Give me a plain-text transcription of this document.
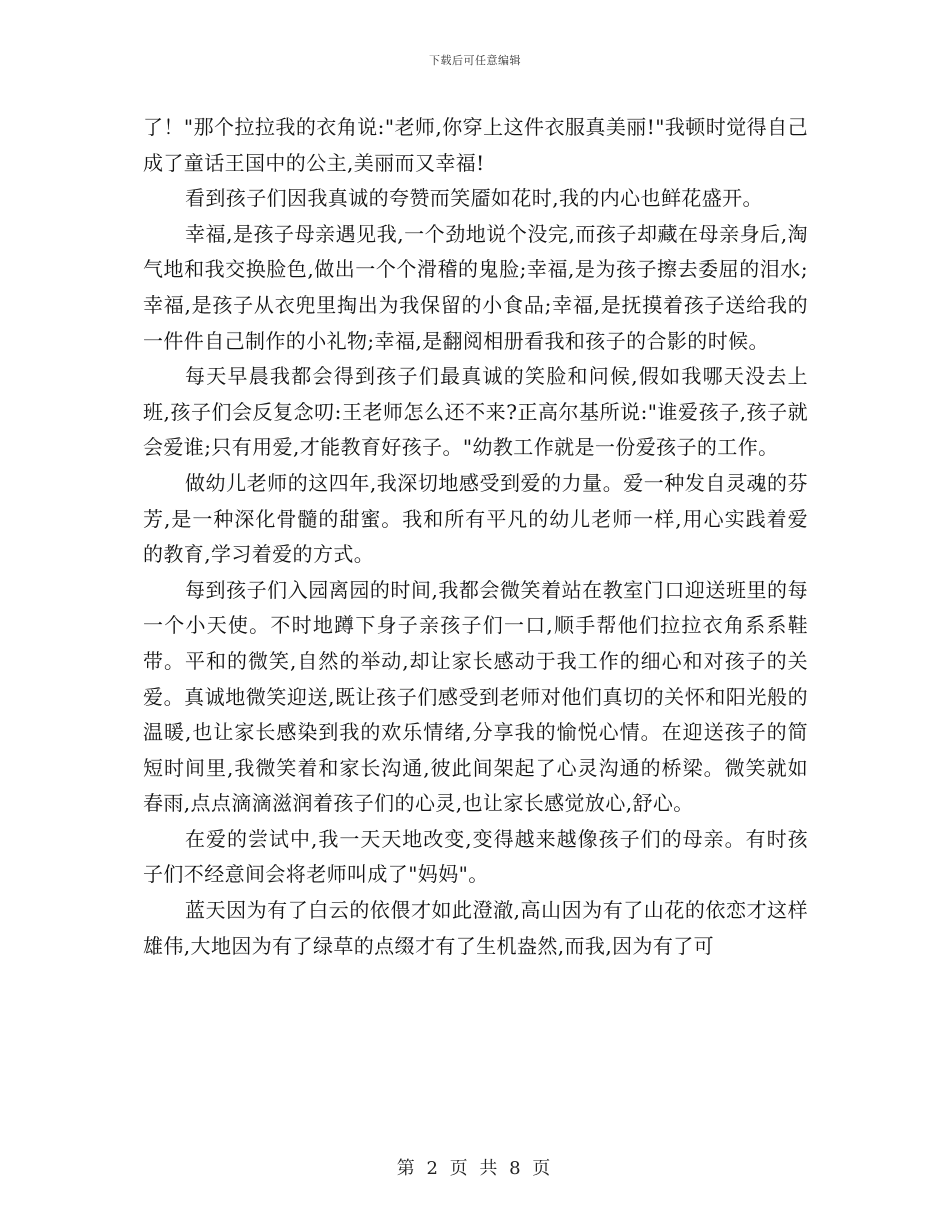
下载后可任意编辑

了！"那个拉拉我的衣角说:"老师,你穿上这件衣服真美丽!"我顿时觉得自己成了童话王国中的公主,美丽而又幸福!

看到孩子们因我真诚的夸赞而笑靥如花时,我的内心也鲜花盛开。

幸福,是孩子母亲遇见我,一个劲地说个没完,而孩子却藏在母亲身后,淘气地和我交换脸色,做出一个个滑稽的鬼脸;幸福,是为孩子擦去委屈的泪水;幸福,是孩子从衣兜里掏出为我保留的小食品;幸福,是抚摸着孩子送给我的一件件自己制作的小礼物;幸福,是翻阅相册看我和孩子的合影的时候。

每天早晨我都会得到孩子们最真诚的笑脸和问候,假如我哪天没去上班,孩子们会反复念叨:王老师怎么还不来?正高尔基所说:"谁爱孩子,孩子就会爱谁;只有用爱,才能教育好孩子。"幼教工作就是一份爱孩子的工作。

做幼儿老师的这四年,我深切地感受到爱的力量。爱一种发自灵魂的芬芳,是一种深化骨髓的甜蜜。我和所有平凡的幼儿老师一样,用心实践着爱的教育,学习着爱的方式。

每到孩子们入园离园的时间,我都会微笑着站在教室门口迎送班里的每一个小天使。不时地蹲下身子亲孩子们一口,顺手帮他们拉拉衣角系系鞋带。平和的微笑,自然的举动,却让家长感动于我工作的细心和对孩子的关爱。真诚地微笑迎送,既让孩子们感受到老师对他们真切的关怀和阳光般的温暖,也让家长感染到我的欢乐情绪,分享我的愉悦心情。在迎送孩子的简短时间里,我微笑着和家长沟通,彼此间架起了心灵沟通的桥梁。微笑就如春雨,点点滴滴滋润着孩子们的心灵,也让家长感觉放心,舒心。

在爱的尝试中,我一天天地改变,变得越来越像孩子们的母亲。有时孩子们不经意间会将老师叫成了"妈妈"。

蓝天因为有了白云的依偎才如此澄澈,高山因为有了山花的依恋才这样雄伟,大地因为有了绿草的点缀才有了生机盎然,而我,因为有了可

第 2 页 共 8 页
